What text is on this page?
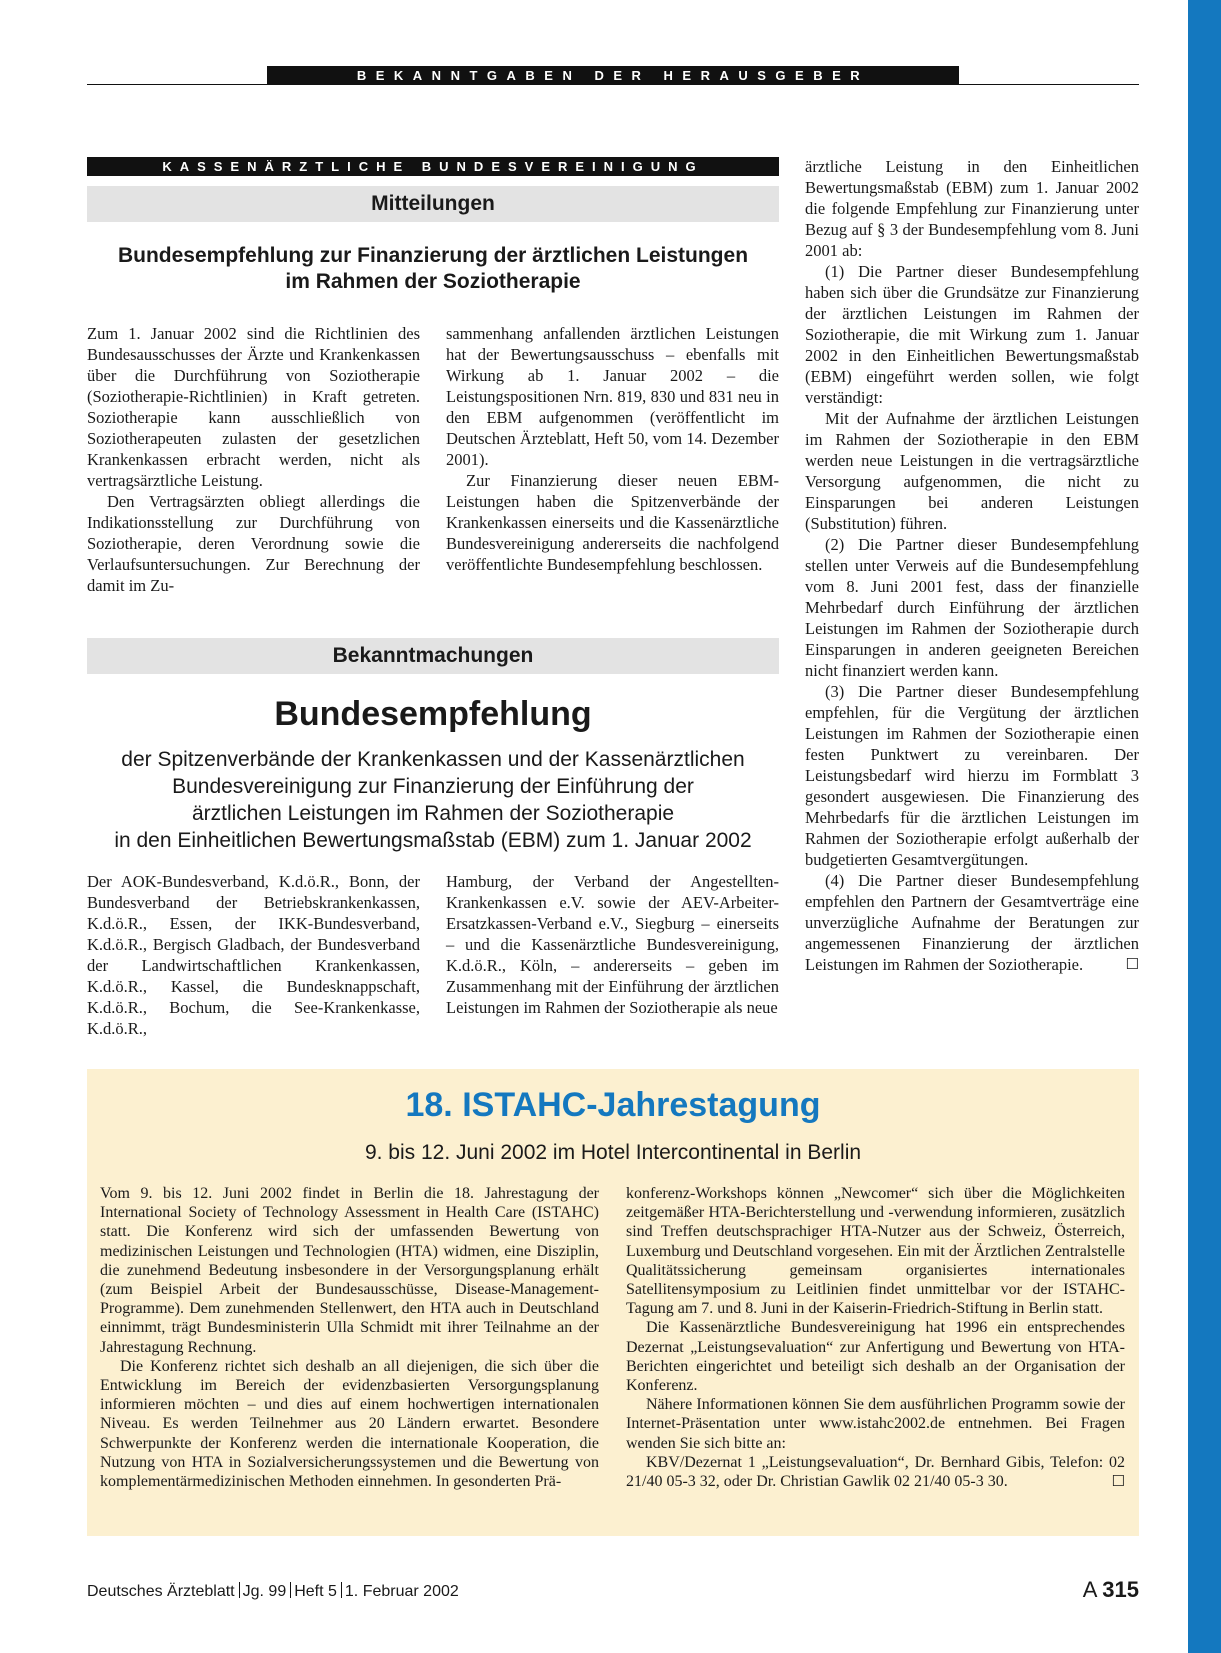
BEKANNTGABEN DER HERAUSGEBER
KASSENÄRZTLICHE BUNDESVEREINIGUNG
Mitteilungen
Bundesempfehlung zur Finanzierung der ärztlichen Leistungen
im Rahmen der Soziotherapie

Zum 1. Januar 2002 sind die Richtlinien des Bundesausschusses der Ärzte und Krankenkassen über die Durchführung von Soziotherapie (Soziotherapie-Richtlinien) in Kraft getreten. Soziotherapie kann ausschließlich von Soziotherapeuten zulasten der gesetzlichen Krankenkassen erbracht werden, nicht als vertragsärztliche Leistung.

Den Vertragsärzten obliegt allerdings die Indikationsstellung zur Durchführung von Soziotherapie, deren Verordnung sowie die Verlaufsuntersuchungen. Zur Berechnung der damit im Zu-

sammenhang anfallenden ärztlichen Leistungen hat der Bewertungsausschuss – ebenfalls mit Wirkung ab 1. Januar 2002 – die Leistungspositionen Nrn. 819, 830 und 831 neu in den EBM aufgenommen (veröffentlicht im Deutschen Ärzteblatt, Heft 50, vom 14. Dezember 2001).

Zur Finanzierung dieser neuen EBM-Leistungen haben die Spitzenverbände der Krankenkassen einerseits und die Kassenärztliche Bundesvereinigung andererseits die nachfolgend veröffentlichte Bundesempfehlung beschlossen.

Bekanntmachungen
Bundesempfehlung
der Spitzenverbände der Krankenkassen und der Kassenärztlichen
Bundesvereinigung zur Finanzierung der Einführung der
ärztlichen Leistungen im Rahmen der Soziotherapie
in den Einheitlichen Bewertungsmaßstab (EBM) zum 1. Januar 2002

Der AOK-Bundesverband, K.d.ö.R., Bonn, der Bundesverband der Betriebskrankenkassen, K.d.ö.R., Essen, der IKK-Bundesverband, K.d.ö.R., Bergisch Gladbach, der Bundesverband der Landwirtschaftlichen Krankenkassen, K.d.ö.R., Kassel, die Bundesknappschaft, K.d.ö.R., Bochum, die See-Krankenkasse, K.d.ö.R.,

Hamburg, der Verband der Angestellten-Krankenkassen e.V. sowie der AEV-Arbeiter-Ersatzkassen-Verband e.V., Siegburg – einerseits – und die Kassenärztliche Bundesvereinigung, K.d.ö.R., Köln, – andererseits – geben im Zusammenhang mit der Einführung der ärztlichen Leistungen im Rahmen der Soziotherapie als neue

ärztliche Leistung in den Einheitlichen Bewertungsmaßstab (EBM) zum 1. Januar 2002 die folgende Empfehlung zur Finanzierung unter Bezug auf § 3 der Bundesempfehlung vom 8. Juni 2001 ab:

(1) Die Partner dieser Bundesempfehlung haben sich über die Grundsätze zur Finanzierung der ärztlichen Leistungen im Rahmen der Soziotherapie, die mit Wirkung zum 1. Januar 2002 in den Einheitlichen Bewertungsmaßstab (EBM) eingeführt werden sollen, wie folgt verständigt:

Mit der Aufnahme der ärztlichen Leistungen im Rahmen der Soziotherapie in den EBM werden neue Leistungen in die vertragsärztliche Versorgung aufgenommen, die nicht zu Einsparungen bei anderen Leistungen (Substitution) führen.

(2) Die Partner dieser Bundesempfehlung stellen unter Verweis auf die Bundesempfehlung vom 8. Juni 2001 fest, dass der finanzielle Mehrbedarf durch Einführung der ärztlichen Leistungen im Rahmen der Soziotherapie durch Einsparungen in anderen geeigneten Bereichen nicht finanziert werden kann.

(3) Die Partner dieser Bundesempfehlung empfehlen, für die Vergütung der ärztlichen Leistungen im Rahmen der Soziotherapie einen festen Punktwert zu vereinbaren. Der Leistungsbedarf wird hierzu im Formblatt 3 gesondert ausgewiesen. Die Finanzierung des Mehrbedarfs für die ärztlichen Leistungen im Rahmen der Soziotherapie erfolgt außerhalb der budgetierten Gesamtvergütungen.

(4) Die Partner dieser Bundesempfehlung empfehlen den Partnern der Gesamtverträge eine unverzügliche Aufnahme der Beratungen zur angemessenen Finanzierung der ärztlichen Leistungen im Rahmen der Soziotherapie.	☐

18. ISTAHC-Jahrestagung
9. bis 12. Juni 2002 im Hotel Intercontinental in Berlin

Vom 9. bis 12. Juni 2002 findet in Berlin die 18. Jahrestagung der International Society of Technology Assessment in Health Care (ISTAHC) statt. Die Konferenz wird sich der umfassenden Bewertung von medizinischen Leistungen und Technologien (HTA) widmen, eine Disziplin, die zunehmend Bedeutung insbesondere in der Versorgungsplanung erhält (zum Beispiel Arbeit der Bundesausschüsse, Disease-Management-Programme). Dem zunehmenden Stellenwert, den HTA auch in Deutschland einnimmt, trägt Bundesministerin Ulla Schmidt mit ihrer Teilnahme an der Jahrestagung Rechnung.

Die Konferenz richtet sich deshalb an all diejenigen, die sich über die Entwicklung im Bereich der evidenzbasierten Versorgungsplanung informieren möchten – und dies auf einem hochwertigen internationalen Niveau. Es werden Teilnehmer aus 20 Ländern erwartet. Besondere Schwerpunkte der Konferenz werden die internationale Kooperation, die Nutzung von HTA in Sozialversicherungssystemen und die Bewertung von komplementärmedizinischen Methoden einnehmen. In gesonderten Prä-

konferenz-Workshops können „Newcomer“ sich über die Möglichkeiten zeitgemäßer HTA-Berichterstellung und -verwendung informieren, zusätzlich sind Treffen deutschsprachiger HTA-Nutzer aus der Schweiz, Österreich, Luxemburg und Deutschland vorgesehen. Ein mit der Ärztlichen Zentralstelle Qualitätssicherung gemeinsam organisiertes internationales Satellitensymposium zu Leitlinien findet unmittelbar vor der ISTAHC-Tagung am 7. und 8. Juni in der Kaiserin-Friedrich-Stiftung in Berlin statt.

Die Kassenärztliche Bundesvereinigung hat 1996 ein entsprechendes Dezernat „Leistungsevaluation“ zur Anfertigung und Bewertung von HTA-Berichten eingerichtet und beteiligt sich deshalb an der Organisation der Konferenz.

Nähere Informationen können Sie dem ausführlichen Programm sowie der Internet-Präsentation unter www.istahc2002.de entnehmen. Bei Fragen wenden Sie sich bitte an:

KBV/Dezernat 1 „Leistungsevaluation“, Dr. Bernhard Gibis, Telefon: 02 21/40 05-3 32, oder Dr. Christian Gawlik 02 21/40 05-3 30.	☐

Deutsches Ärzteblatt Jg. 99 Heft 5 1. Februar 2002	A 315
